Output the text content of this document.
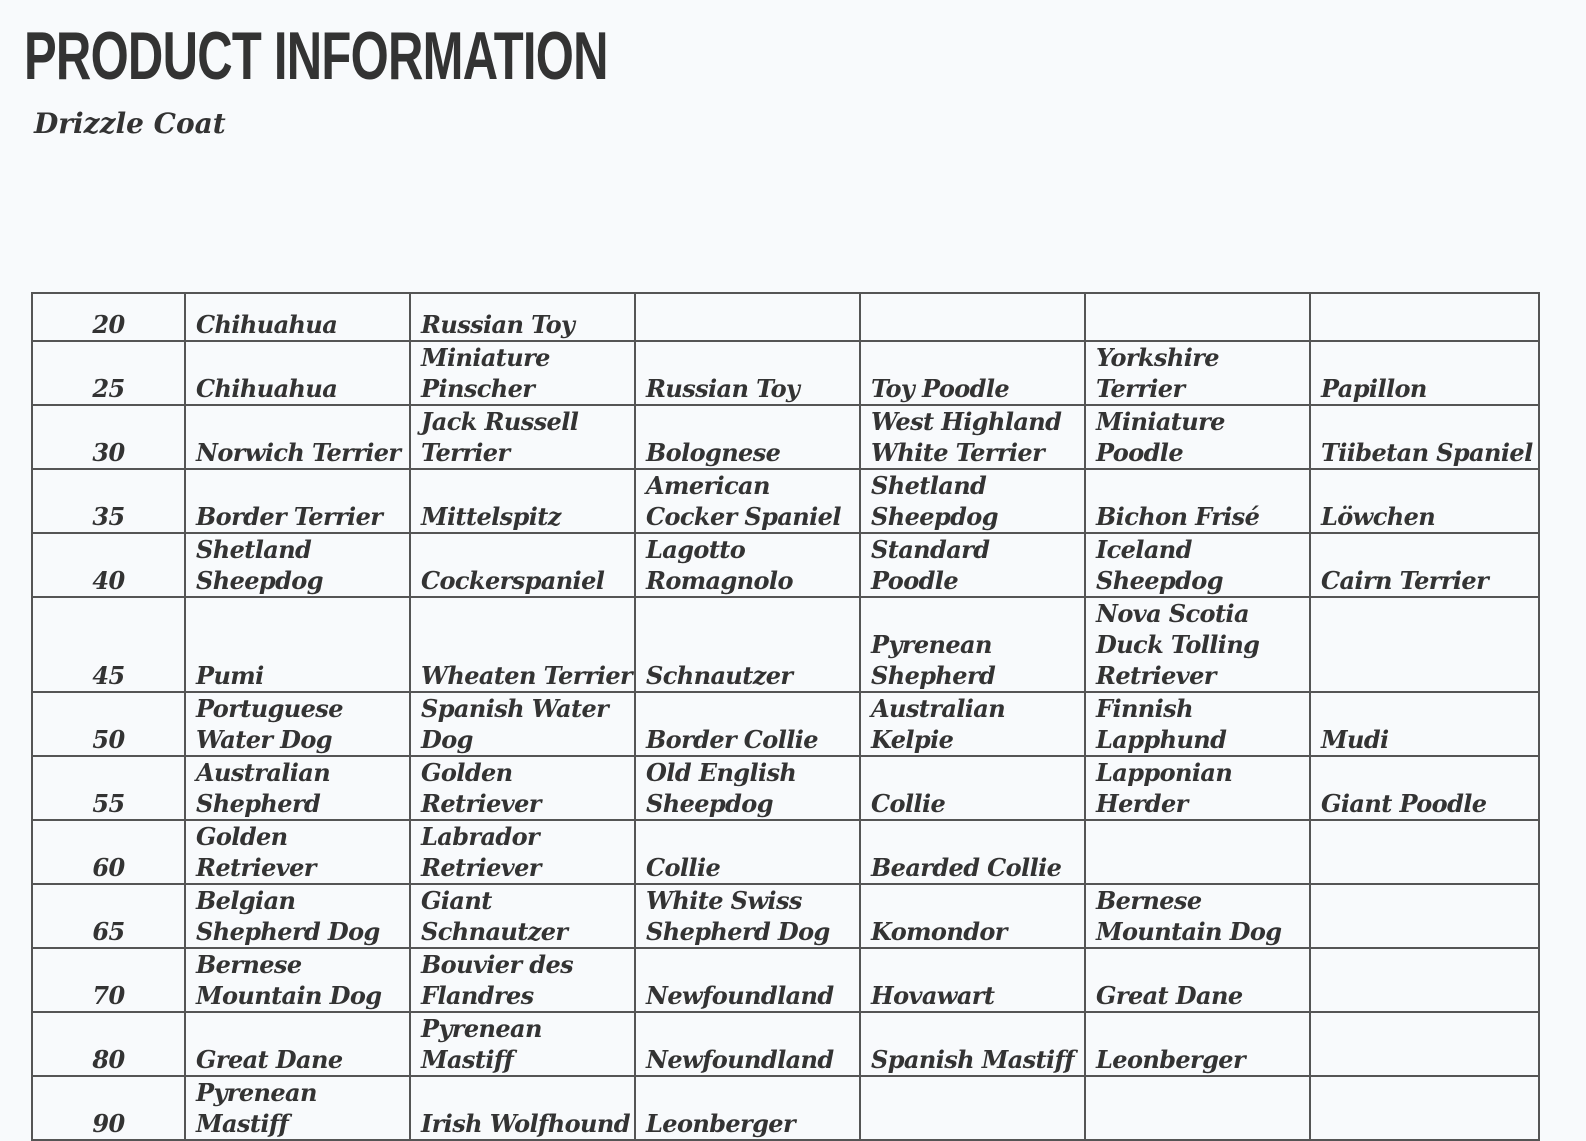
PRODUCT INFORMATION
Drizzle Coat
20	Chihuahua	Russian Toy				
25	Chihuahua	Miniature Pinscher	Russian Toy	Toy Poodle	Yorkshire Terrier	Papillon
30	Norwich Terrier	Jack Russell Terrier	Bolognese	West Highland White Terrier	Miniature Poodle	Tiibetan Spaniel
35	Border Terrier	Mittelspitz	American Cocker Spaniel	Shetland Sheepdog	Bichon Frisé	Löwchen
40	Shetland Sheepdog	Cockerspaniel	Lagotto Romagnolo	Standard Poodle	Iceland Sheepdog	Cairn Terrier
45	Pumi	Wheaten Terrier	Schnautzer	Pyrenean Shepherd	Nova Scotia Duck Tolling Retriever	
50	Portuguese Water Dog	Spanish Water Dog	Border Collie	Australian Kelpie	Finnish Lapphund	Mudi
55	Australian Shepherd	Golden Retriever	Old English Sheepdog	Collie	Lapponian Herder	Giant Poodle
60	Golden Retriever	Labrador Retriever	Collie	Bearded Collie		
65	Belgian Shepherd Dog	Giant Schnautzer	White Swiss Shepherd Dog	Komondor	Bernese Mountain Dog	
70	Bernese Mountain Dog	Bouvier des Flandres	Newfoundland	Hovawart	Great Dane	
80	Great Dane	Pyrenean Mastiff	Newfoundland	Spanish Mastiff	Leonberger	
90	Pyrenean Mastiff	Irish Wolfhound	Leonberger			
